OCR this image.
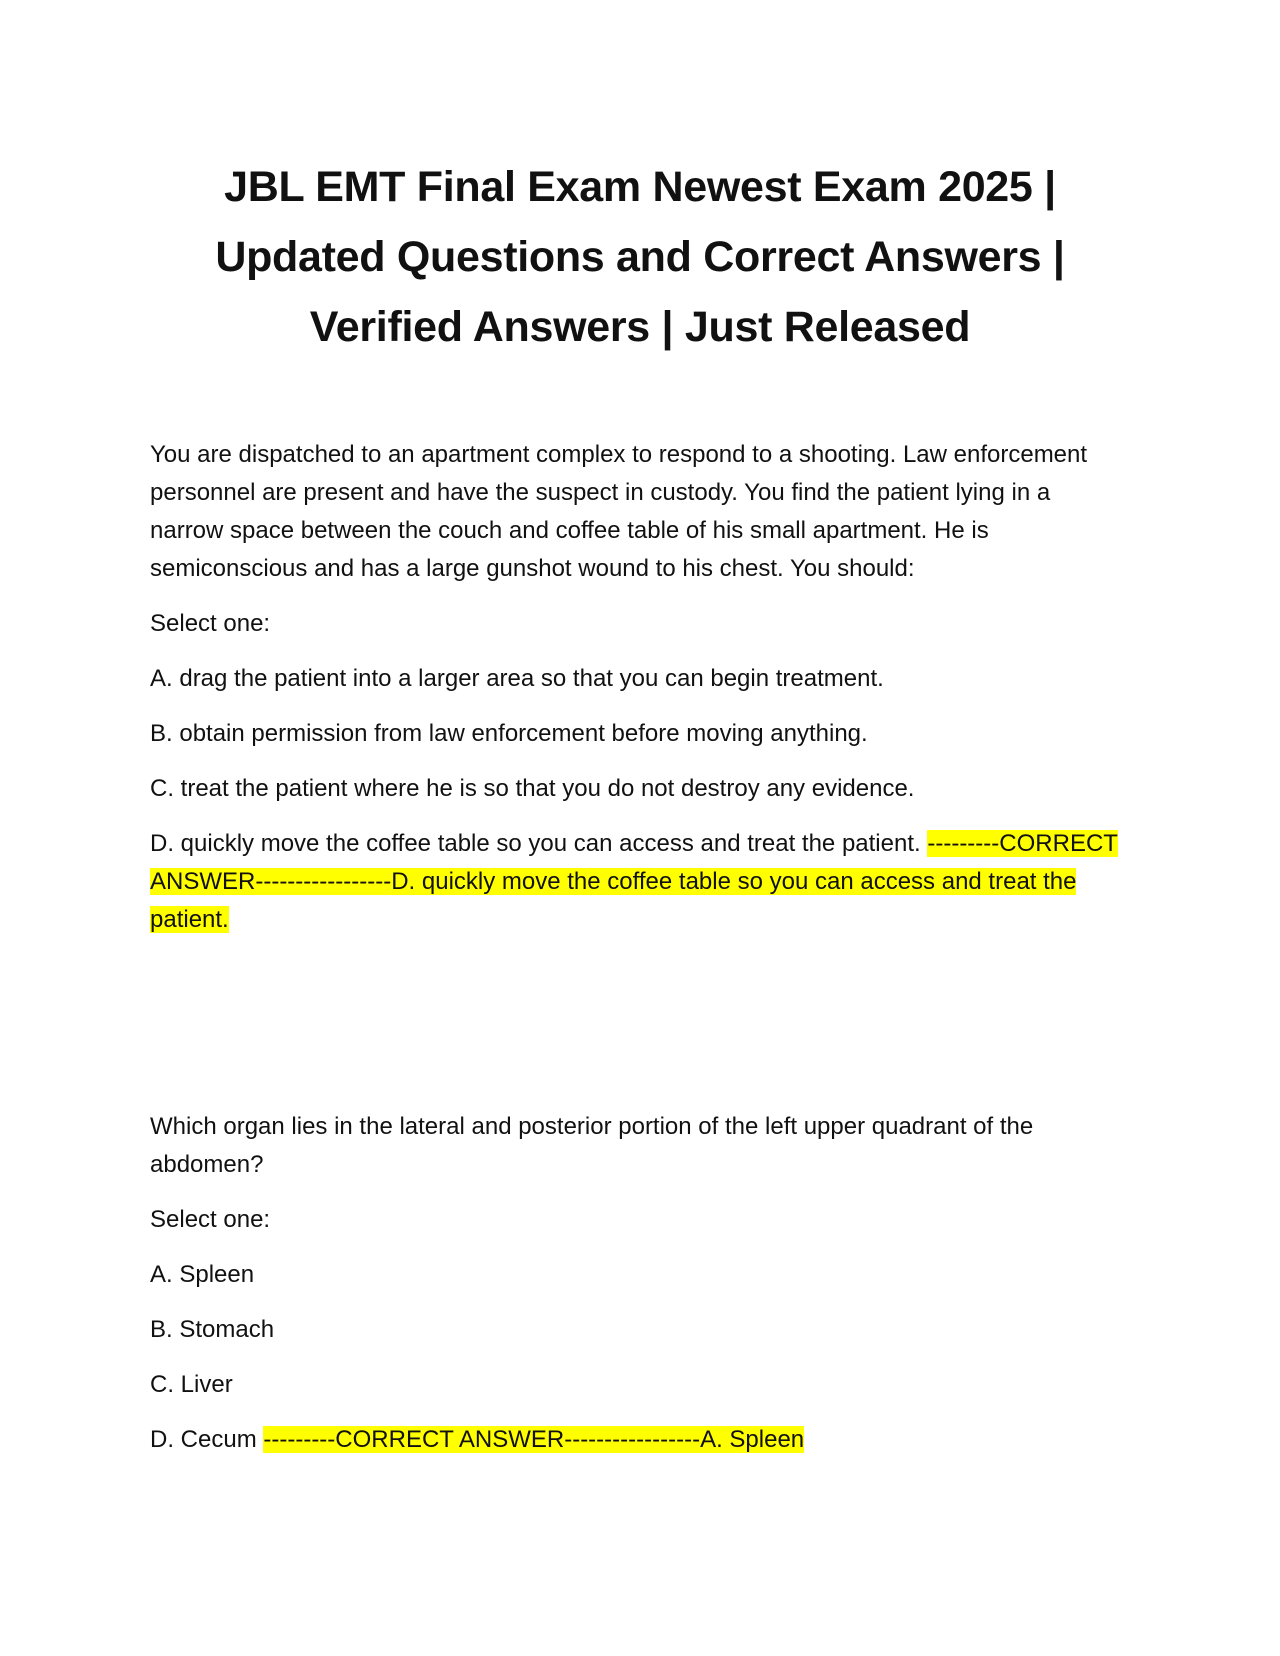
JBL EMT Final Exam Newest Exam 2025 |
Updated Questions and Correct Answers |
Verified Answers | Just Released

You are dispatched to an apartment complex to respond to a shooting. Law enforcement personnel are present and have the suspect in custody. You find the patient lying in a narrow space between the couch and coffee table of his small apartment. He is semiconscious and has a large gunshot wound to his chest. You should:

Select one:

A. drag the patient into a larger area so that you can begin treatment.

B. obtain permission from law enforcement before moving anything.

C. treat the patient where he is so that you do not destroy any evidence.

D. quickly move the coffee table so you can access and treat the patient. ---------CORRECT ANSWER-----------------D. quickly move the coffee table so you can access and treat the patient.

Which organ lies in the lateral and posterior portion of the left upper quadrant of the abdomen?

Select one:

A. Spleen

B. Stomach

C. Liver

D. Cecum ---------CORRECT ANSWER-----------------A. Spleen
